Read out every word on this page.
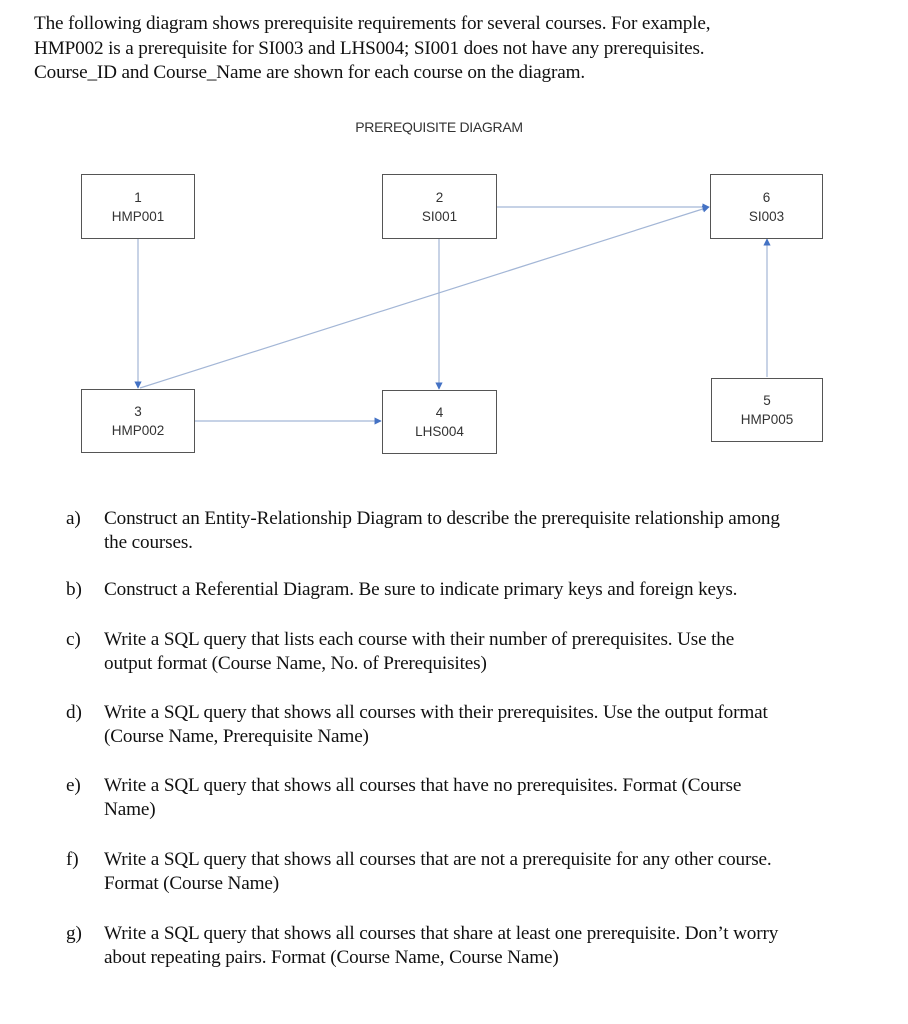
The following diagram shows prerequisite requirements for several courses. For example,

HMP002 is a prerequisite for SI003 and LHS004; SI001 does not have any prerequisites.

Course_ID and Course_Name are shown for each course on the diagram.

PREREQUISITE DIAGRAM
1
HMP001
2
SI001
3
HMP002
4
LHS004
5
HMP005
6
SI003
a) Construct an Entity-Relationship Diagram to describe the prerequisite relationship among
the courses.
b) Construct a Referential Diagram. Be sure to indicate primary keys and foreign keys.
c) Write a SQL query that lists each course with their number of prerequisites. Use the
output format (Course Name, No. of Prerequisites)
d) Write a SQL query that shows all courses with their prerequisites. Use the output format
(Course Name, Prerequisite Name)
e) Write a SQL query that shows all courses that have no prerequisites. Format (Course
Name)
f) Write a SQL query that shows all courses that are not a prerequisite for any other course.
Format (Course Name)
g) Write a SQL query that shows all courses that share at least one prerequisite. Don’t worry
about repeating pairs. Format (Course Name, Course Name)
